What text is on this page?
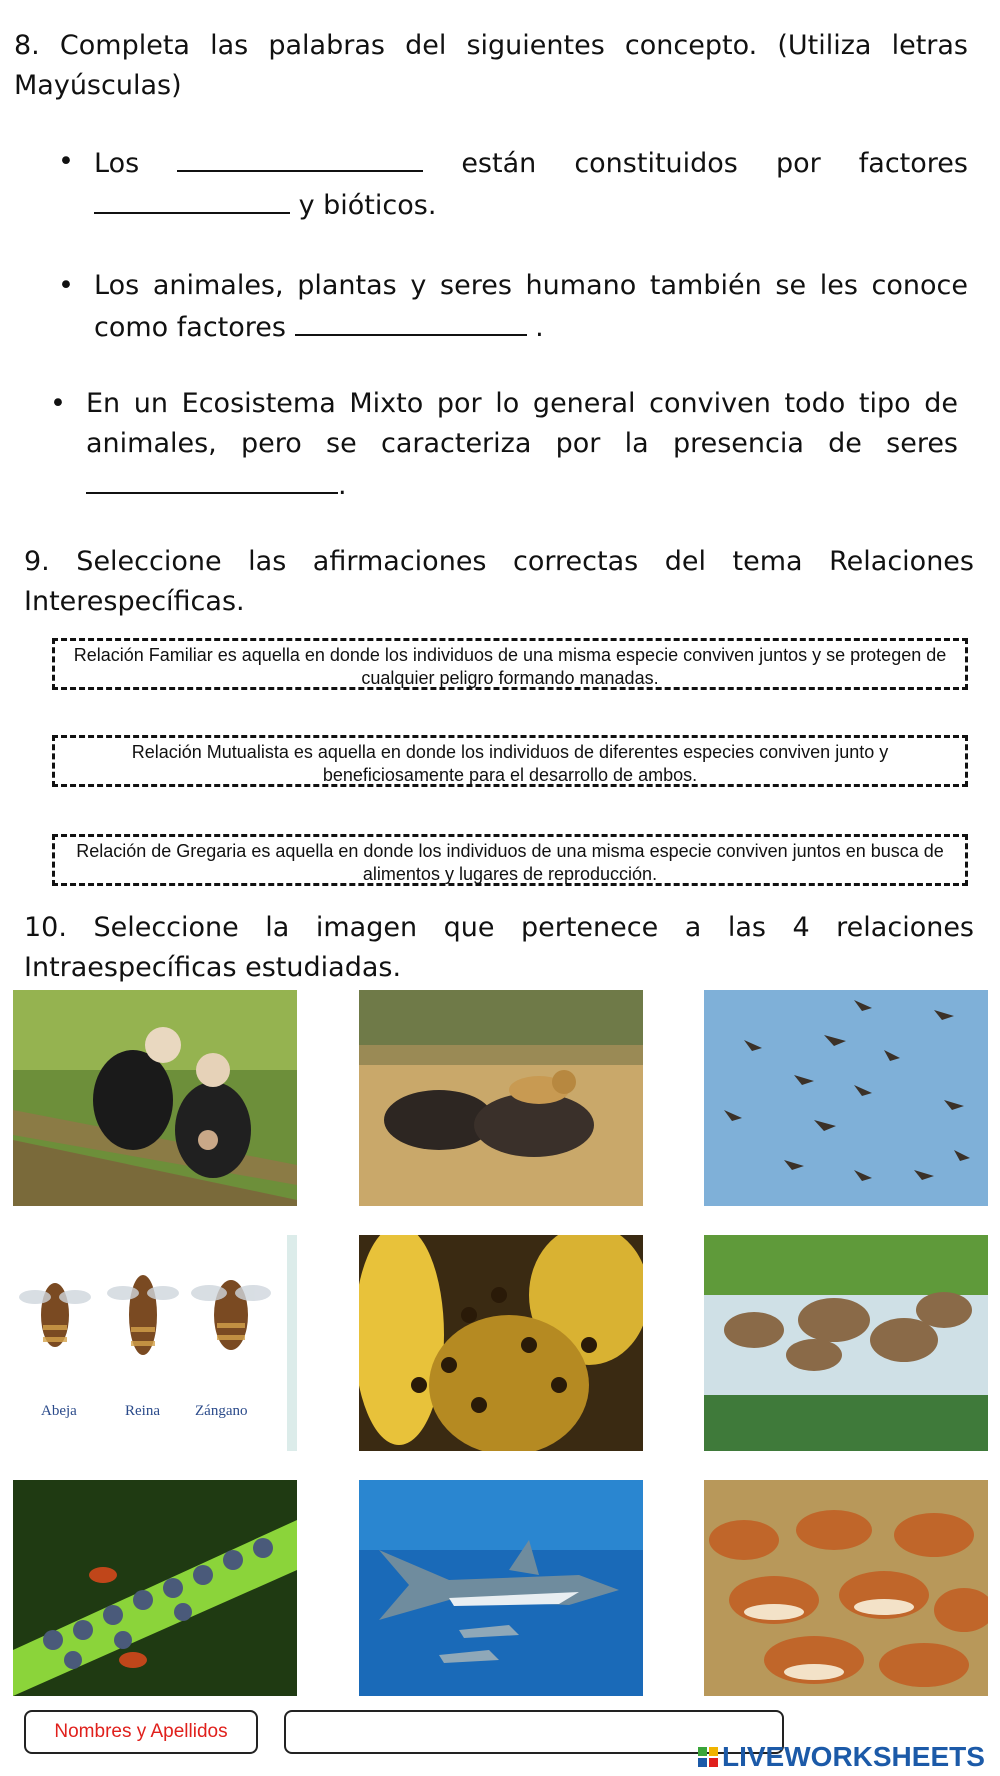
8. Completa las palabras del siguientes concepto. (Utiliza letras Mayúsculas)

• Los	están constituidos por factores  y bióticos.
• Los animales, plantas y seres humano también se les conoce como factores	.
• En un Ecosistema Mixto por lo general conviven todo tipo de animales, pero se caracteriza por la presencia de seres .

9. Seleccione las afirmaciones correctas del tema Relaciones Interespecíficas.

Relación Familiar es aquella en donde los individuos de una misma especie conviven juntos y se protegen de cualquier peligro formando manadas.
Relación Mutualista es aquella en donde los individuos de diferentes especies conviven junto y beneficiosamente para el desarrollo de ambos.
Relación de Gregaria es aquella en donde los individuos de una misma especie conviven juntos en busca de alimentos y lugares de reproducción.

10. Seleccione la imagen que pertenece a las 4 relaciones Intraespecíficas estudiadas.

Abeja	Reina Zángano
Nombres y Apellidos
LIVEWORKSHEETS
